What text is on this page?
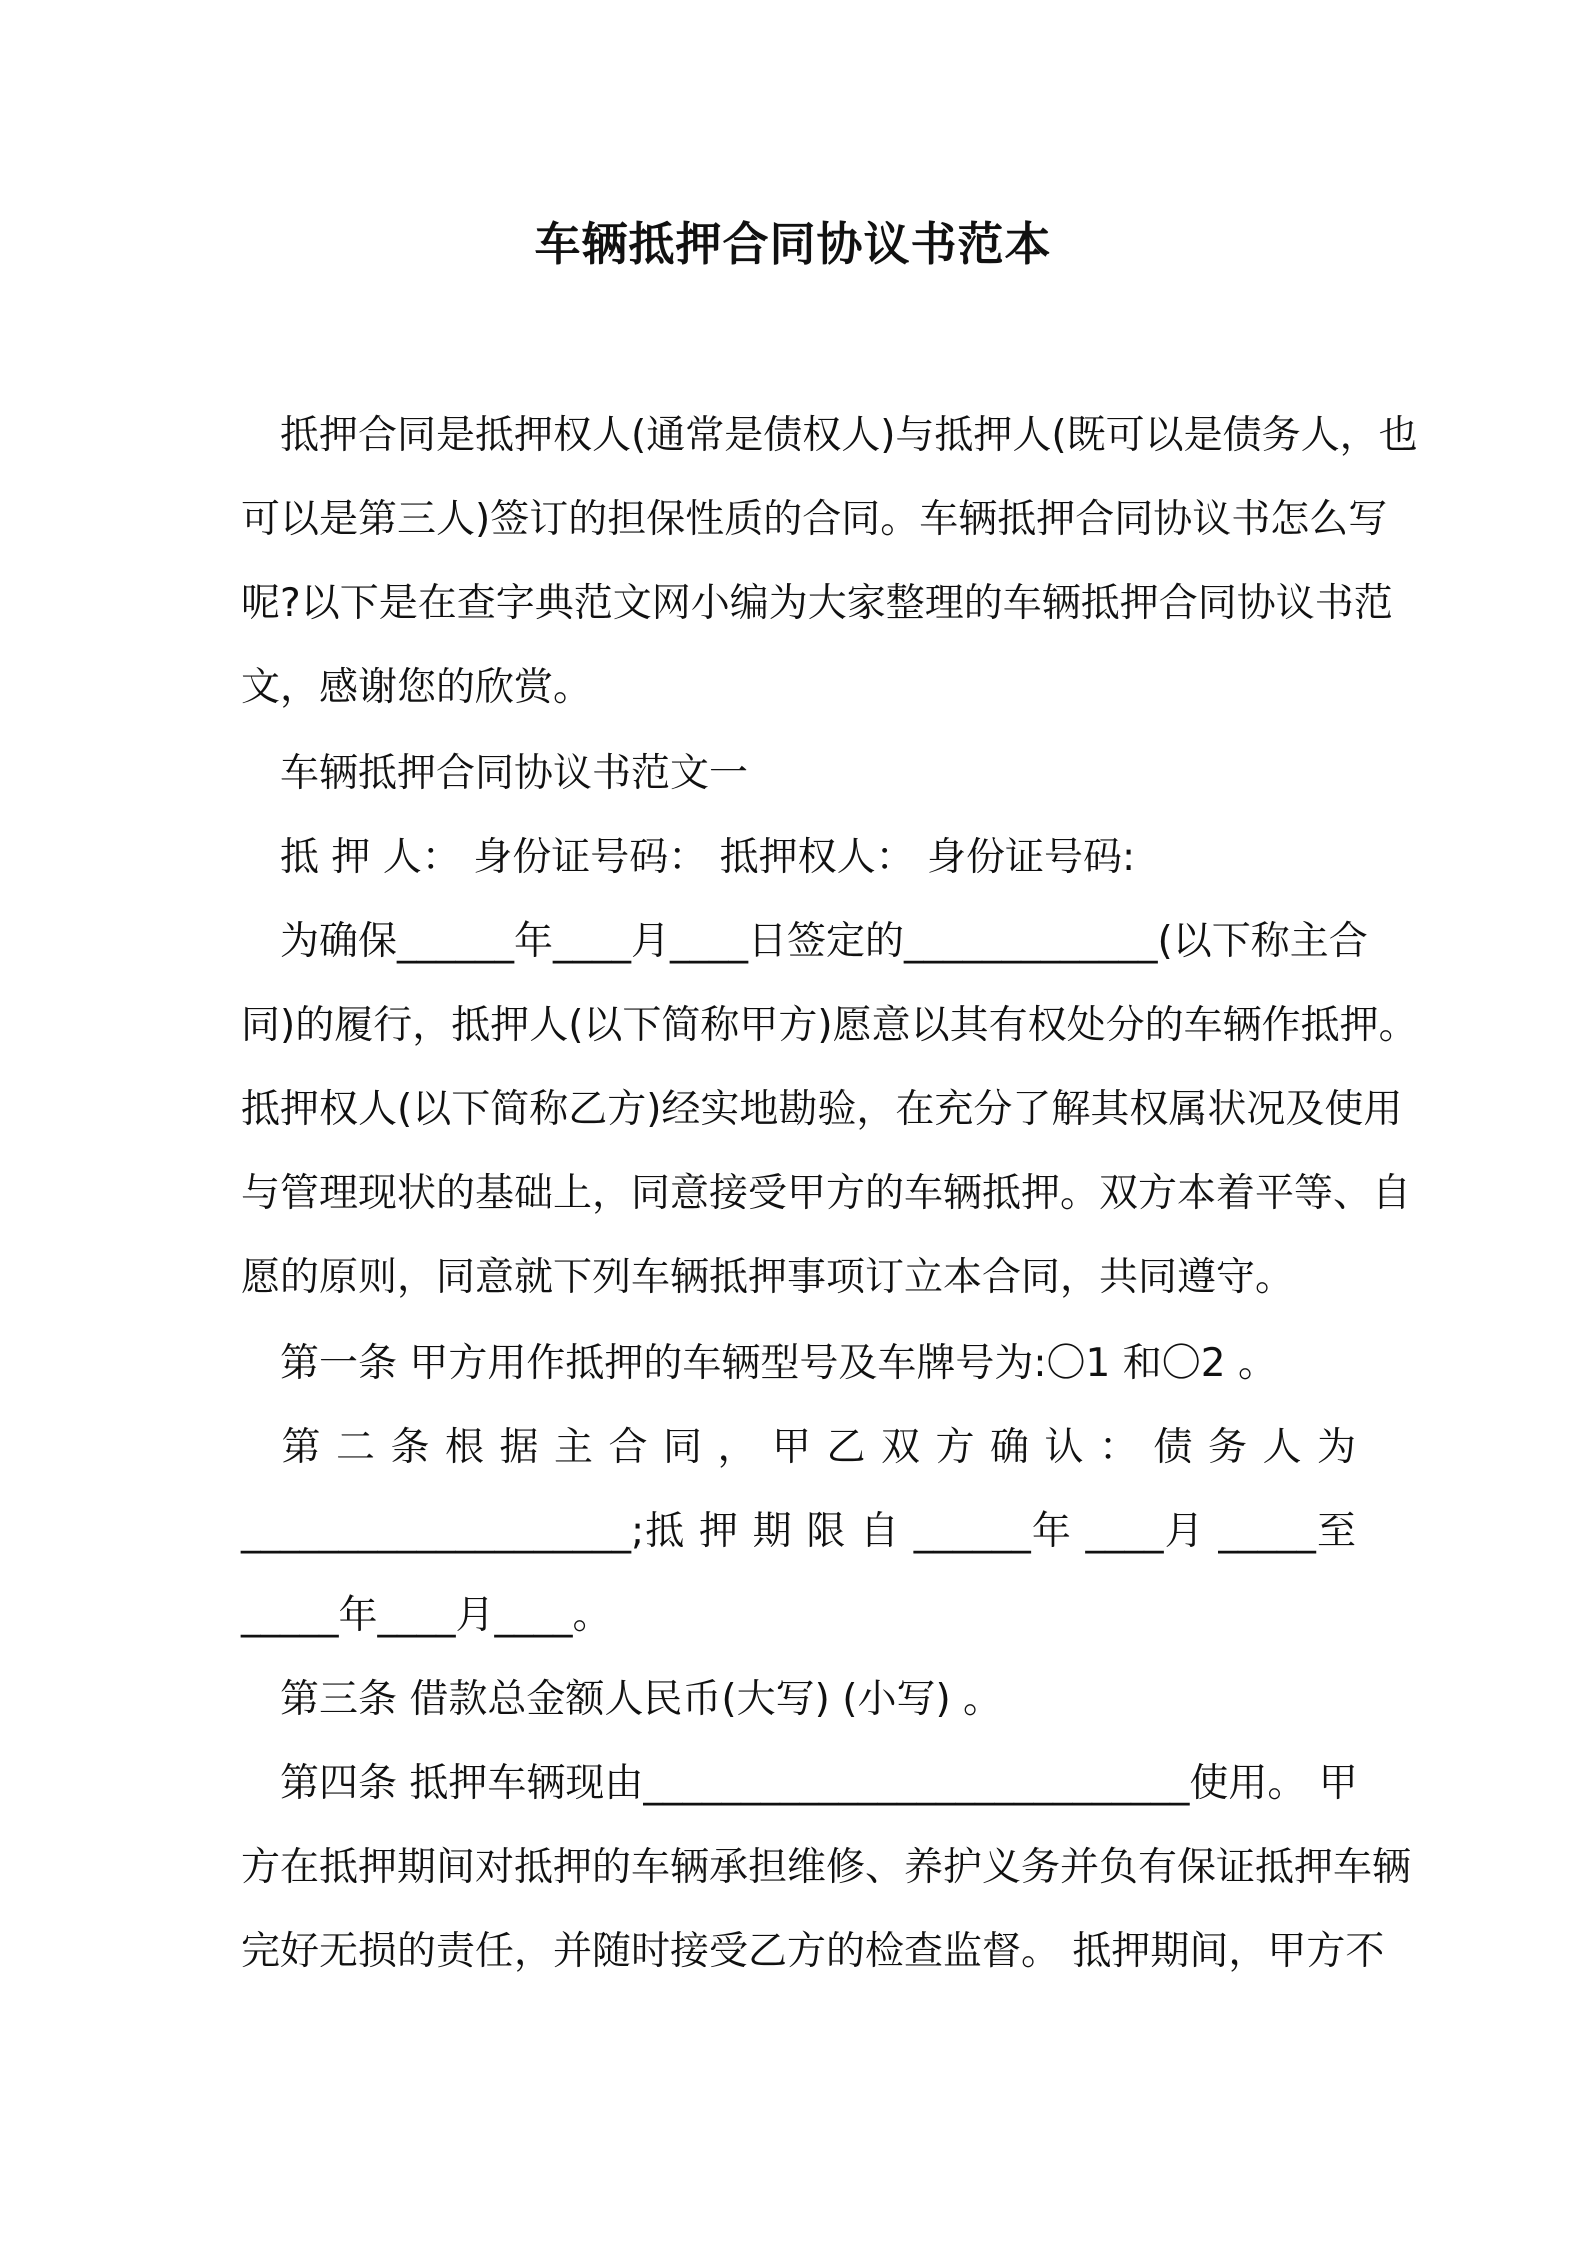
车辆抵押合同协议书范本
　抵押合同是抵押权人(通常是债权人)与抵押人(既可以是债务人，也
可以是第三人)签订的担保性质的合同。车辆抵押合同协议书怎么写
呢?以下是在查字典范文网小编为大家整理的车辆抵押合同协议书范
文，感谢您的欣赏。
　车辆抵押合同协议书范文一
　抵 押 人： 身份证号码： 抵押权人： 身份证号码:
　为确保______年____月____日签定的_____________(以下称主合
同)的履行，抵押人(以下简称甲方)愿意以其有权处分的车辆作抵押。
抵押权人(以下简称乙方)经实地勘验，在充分了解其权属状况及使用
与管理现状的基础上，同意接受甲方的车辆抵押。双方本着平等、自
愿的原则，同意就下列车辆抵押事项订立本合同，共同遵守。
　第一条 甲方用作抵押的车辆型号及车牌号为:〇1 和〇2 。
　第 二 条 根 据 主 合 同 ， 甲 乙 双 方 确 认 ： 债 务 人 为
____________________;抵 押 期 限 自 ______年 ____月 _____至
_____年____月____。
　第三条 借款总金额人民币(大写) (小写) 。
　第四条 抵押车辆现由____________________________使用。 甲
方在抵押期间对抵押的车辆承担维修、养护义务并负有保证抵押车辆
完好无损的责任，并随时接受乙方的检查监督。 抵押期间，甲方不
